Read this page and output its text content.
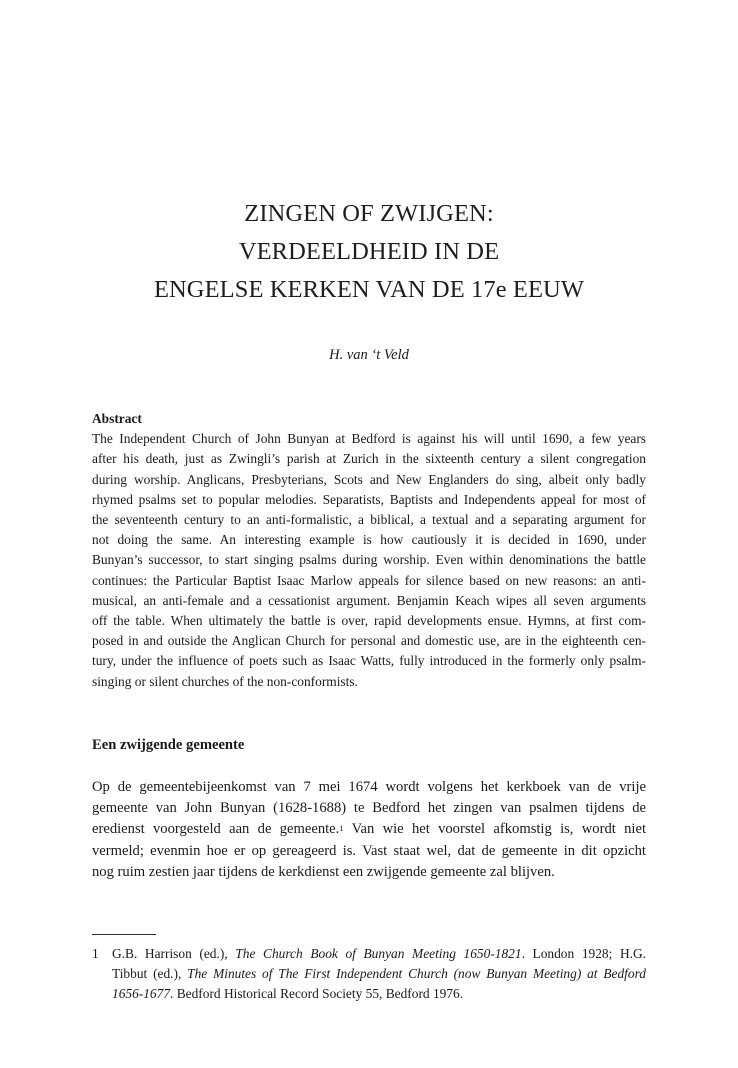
ZINGEN OF ZWIJGEN:
VERDEELDHEID IN DE
ENGELSE KERKEN VAN DE 17e EEUW
H. van ‘t Veld
Abstract
The Independent Church of John Bunyan at Bedford is against his will until 1690, a few years
after his death, just as Zwingli’s parish at Zurich in the sixteenth century a silent congregation
during worship. Anglicans, Presbyterians, Scots and New Englanders do sing, albeit only badly
rhymed psalms set to popular melodies. Separatists, Baptists and Independents appeal for most of
the seventeenth century to an anti-formalistic, a biblical, a textual and a separating argument for
not doing the same. An interesting example is how cautiously it is decided in 1690, under
Bunyan’s successor, to start singing psalms during worship. Even within denominations the battle
continues: the Particular Baptist Isaac Marlow appeals for silence based on new reasons: an anti-
musical, an anti-female and a cessationist argument. Benjamin Keach wipes all seven arguments
off the table. When ultimately the battle is over, rapid developments ensue. Hymns, at first com-
posed in and outside the Anglican Church for personal and domestic use, are in the eighteenth cen-
tury, under the influence of poets such as Isaac Watts, fully introduced in the formerly only psalm-
singing or silent churches of the non-conformists.
Een zwijgende gemeente
Op de gemeentebijeenkomst van 7 mei 1674 wordt volgens het kerkboek van de vrije
gemeente van John Bunyan (1628-1688) te Bedford het zingen van psalmen tijdens de
eredienst voorgesteld aan de gemeente.$^1$ Van wie het voorstel afkomstig is, wordt niet
vermeld; evenmin hoe er op gereageerd is. Vast staat wel, dat de gemeente in dit opzicht
nog ruim zestien jaar tijdens de kerkdienst een zwijgende gemeente zal blijven.
1 G.B. Harrison (ed.), The Church Book of Bunyan Meeting 1650-1821. London 1928; H.G.
Tibbut (ed.), The Minutes of The First Independent Church (now Bunyan Meeting) at Bedford
1656-1677. Bedford Historical Record Society 55, Bedford 1976.
